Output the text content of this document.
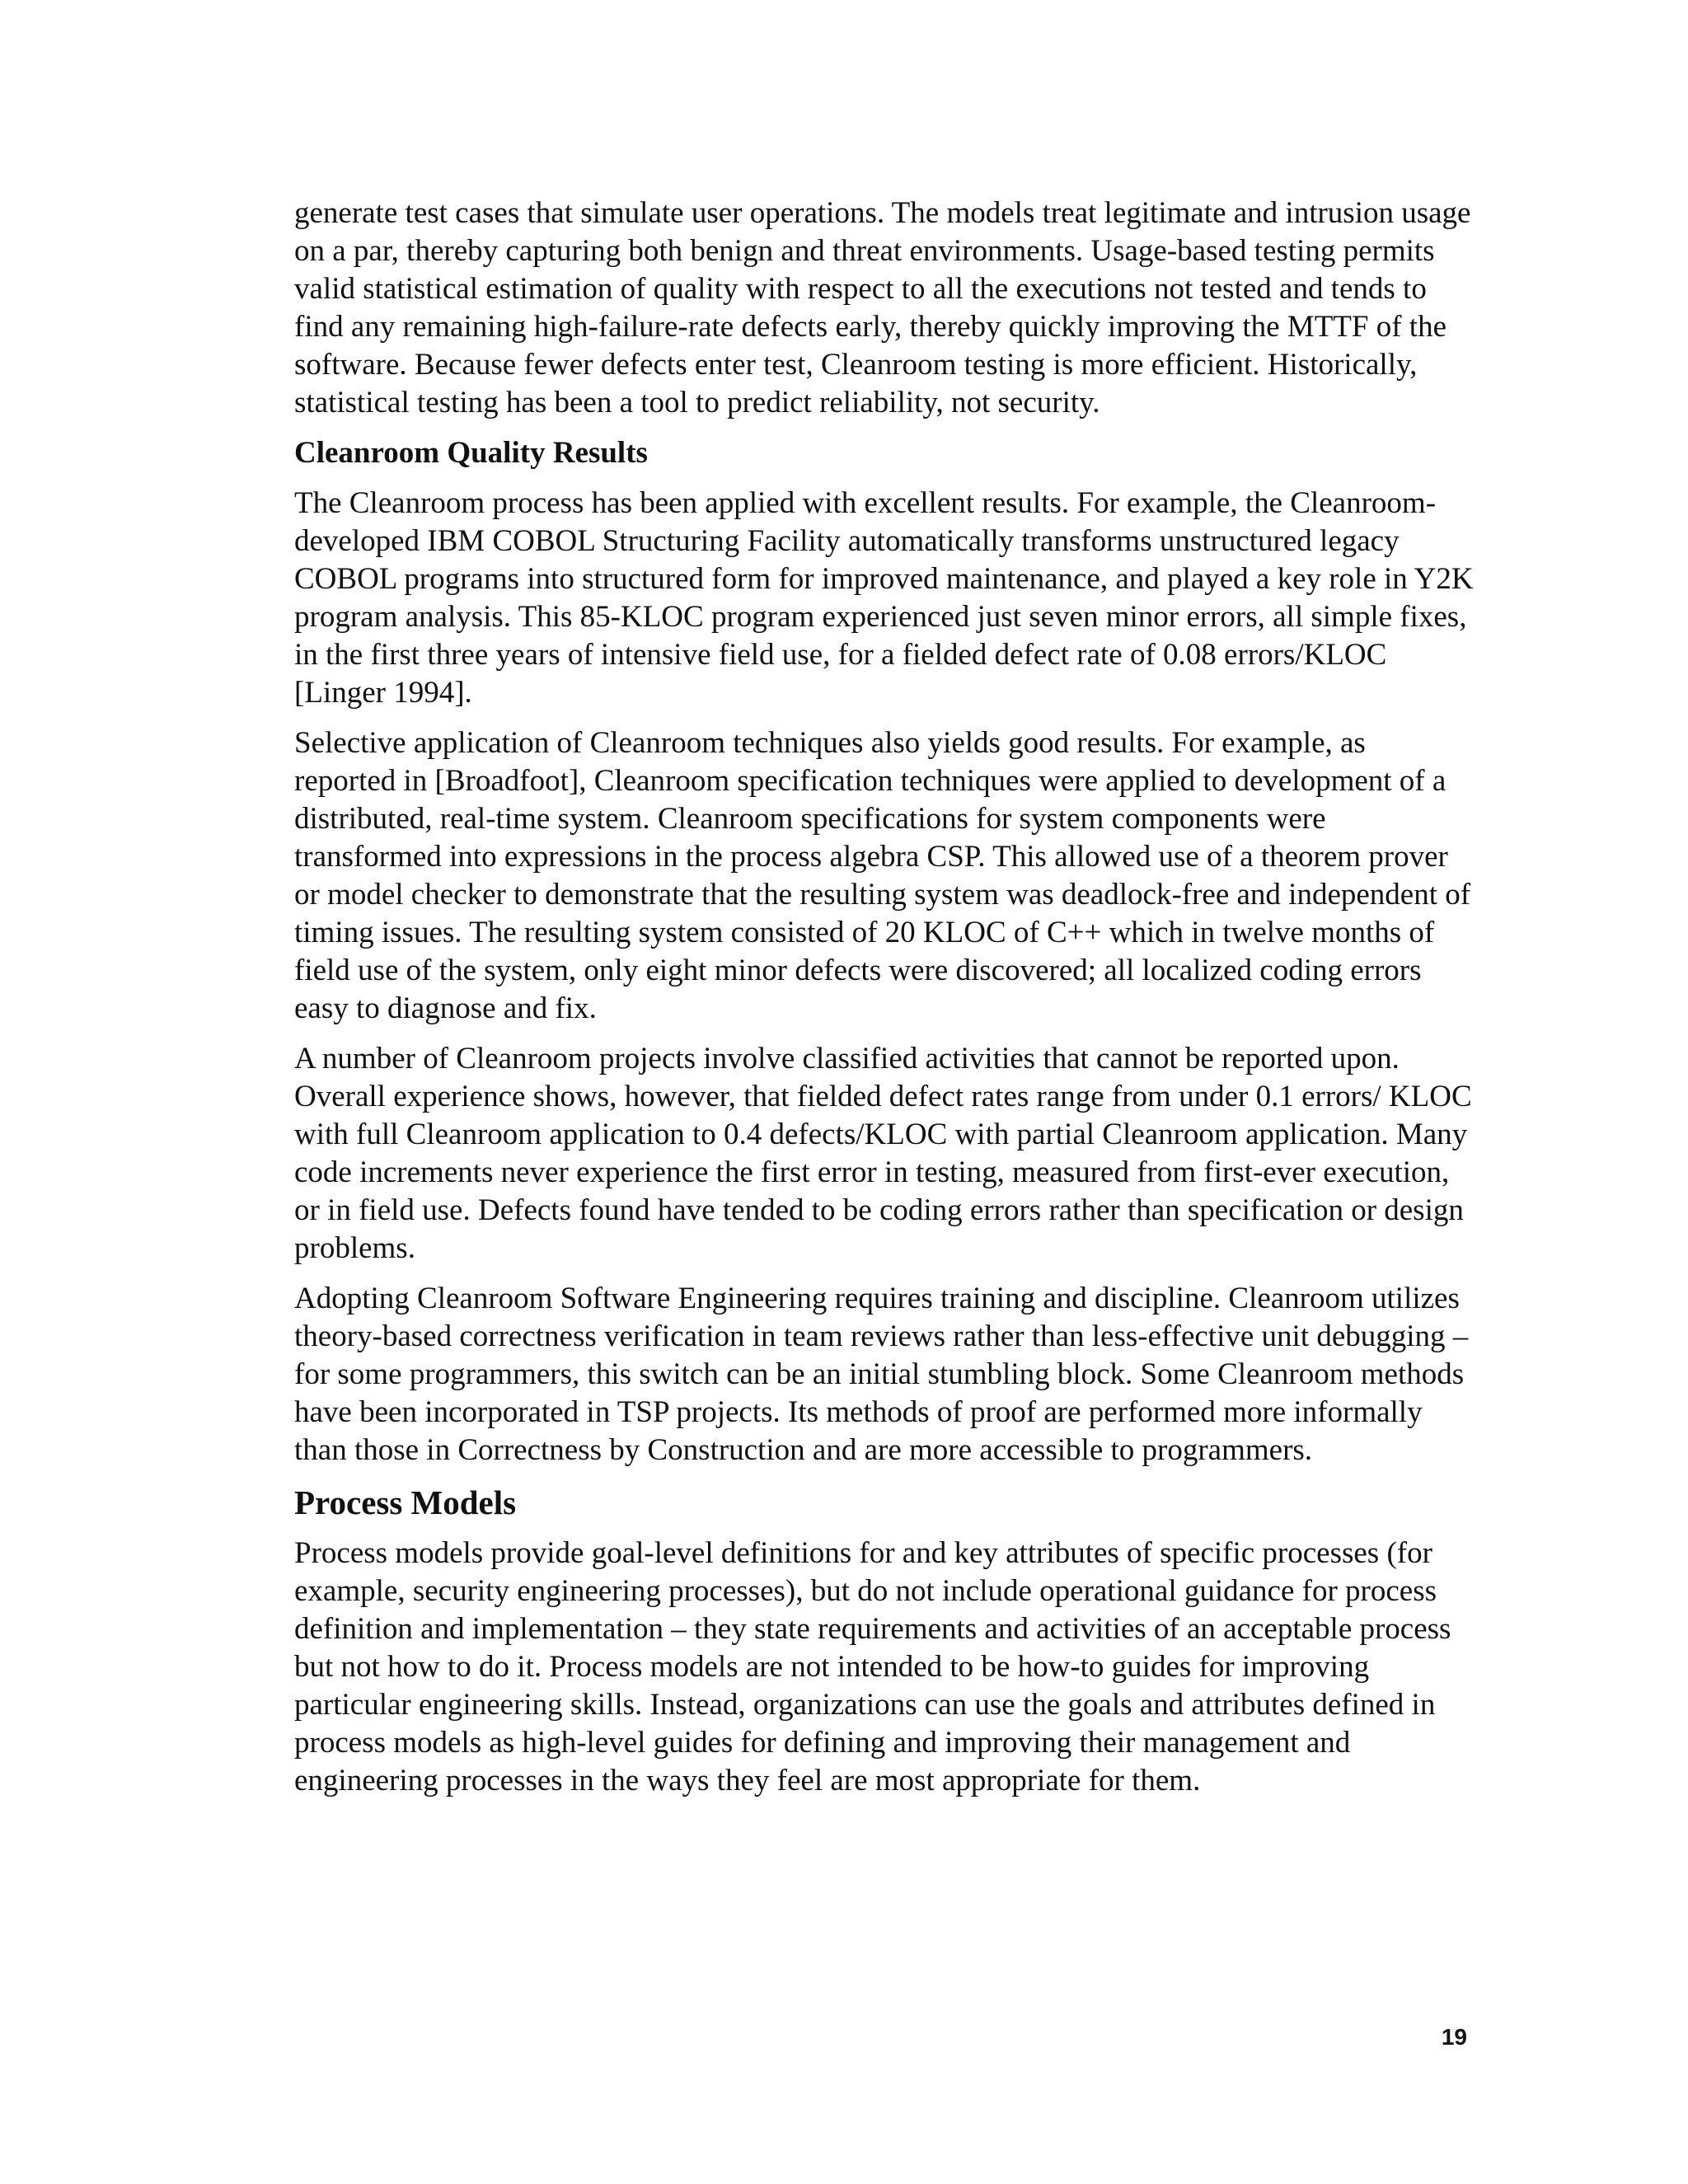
generate test cases that simulate user operations. The models treat legitimate and intrusion usage on a par, thereby capturing both benign and threat environments. Usage-based testing permits valid statistical estimation of quality with respect to all the executions not tested and tends to find any remaining high-failure-rate defects early, thereby quickly improving the MTTF of the software. Because fewer defects enter test, Cleanroom testing is more efficient. Historically, statistical testing has been a tool to predict reliability, not security.

Cleanroom Quality Results

The Cleanroom process has been applied with excellent results. For example, the Cleanroom-developed IBM COBOL Structuring Facility automatically transforms unstructured legacy COBOL programs into structured form for improved maintenance, and played a key role in Y2K program analysis. This 85-KLOC program experienced just seven minor errors, all simple fixes, in the first three years of intensive field use, for a fielded defect rate of 0.08 errors/KLOC [Linger 1994].

Selective application of Cleanroom techniques also yields good results. For example, as reported in [Broadfoot], Cleanroom specification techniques were applied to development of a distributed, real-time system. Cleanroom specifications for system components were transformed into expressions in the process algebra CSP. This allowed use of a theorem prover or model checker to demonstrate that the resulting system was deadlock-free and independent of timing issues. The resulting system consisted of 20 KLOC of C++ which in twelve months of field use of the system, only eight minor defects were discovered; all localized coding errors easy to diagnose and fix.

A number of Cleanroom projects involve classified activities that cannot be reported upon. Overall experience shows, however, that fielded defect rates range from under 0.1 errors/ KLOC with full Cleanroom application to 0.4 defects/KLOC with partial Cleanroom application. Many code increments never experience the first error in testing, measured from first-ever execution, or in field use. Defects found have tended to be coding errors rather than specification or design problems.

Adopting Cleanroom Software Engineering requires training and discipline. Cleanroom utilizes theory-based correctness verification in team reviews rather than less-effective unit debugging – for some programmers, this switch can be an initial stumbling block. Some Cleanroom methods have been incorporated in TSP projects. Its methods of proof are performed more informally than those in Correctness by Construction and are more accessible to programmers.

Process Models

Process models provide goal-level definitions for and key attributes of specific processes (for example, security engineering processes), but do not include operational guidance for process definition and implementation – they state requirements and activities of an acceptable process but not how to do it. Process models are not intended to be how-to guides for improving particular engineering skills. Instead, organizations can use the goals and attributes defined in process models as high-level guides for defining and improving their management and engineering processes in the ways they feel are most appropriate for them.

19
